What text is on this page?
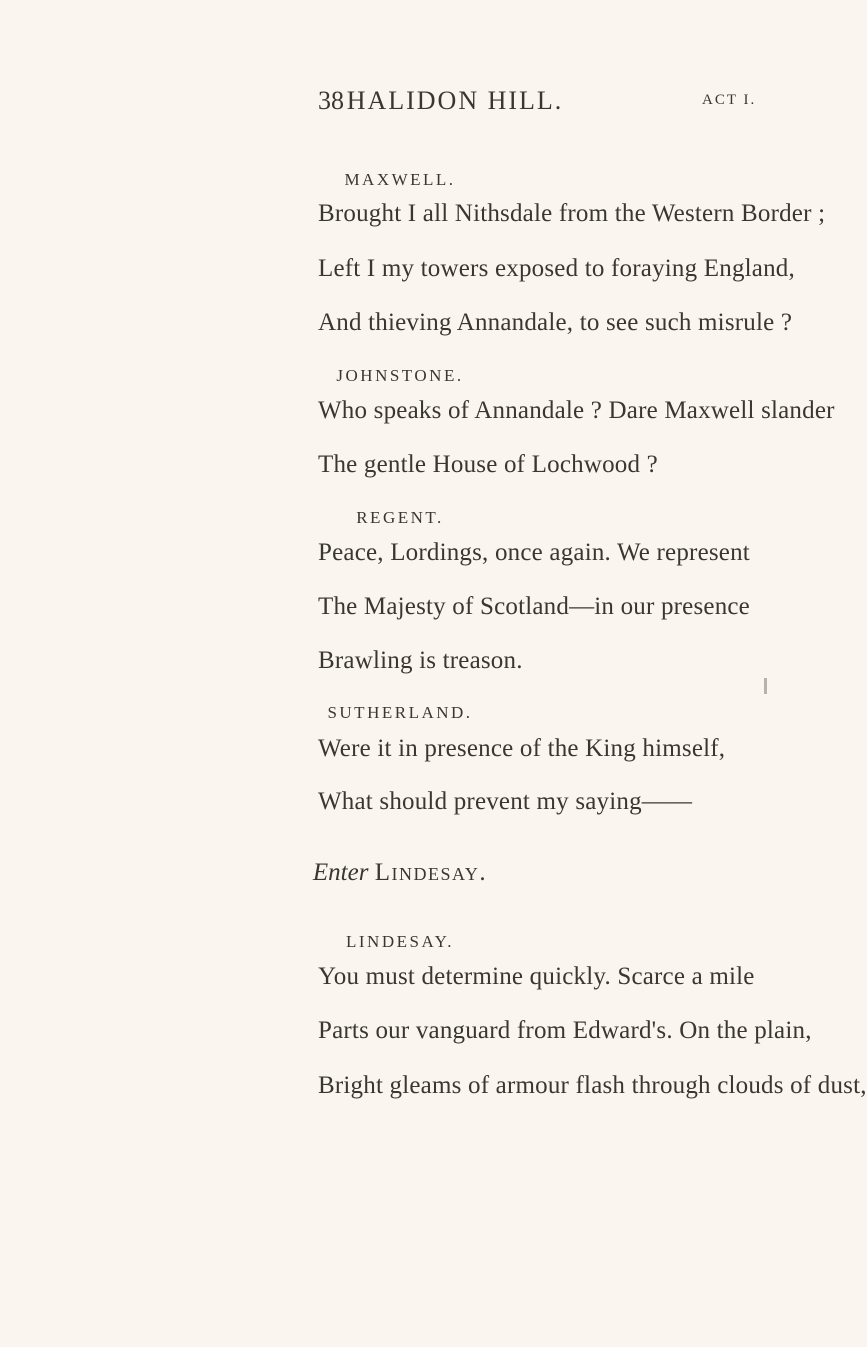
38 HALIDON HILL.	ACT I.
MAXWELL.
Brought I all Nithsdale from the Western Border ;
Left I my towers exposed to foraying England,
And thieving Annandale, to see such misrule ?
JOHNSTONE.
Who speaks of Annandale ? Dare Maxwell slander
The gentle House of Lochwood ?
REGENT.
Peace, Lordings, once again. We represent
The Majesty of Scotland—in our presence
Brawling is treason.
SUTHERLAND.
Were it in presence of the King himself,
What should prevent my saying——
Enter Lindesay.
LINDESAY.
You must determine quickly. Scarce a mile
Parts our vanguard from Edward's. On the plain,
Bright gleams of armour flash through clouds of dust,
